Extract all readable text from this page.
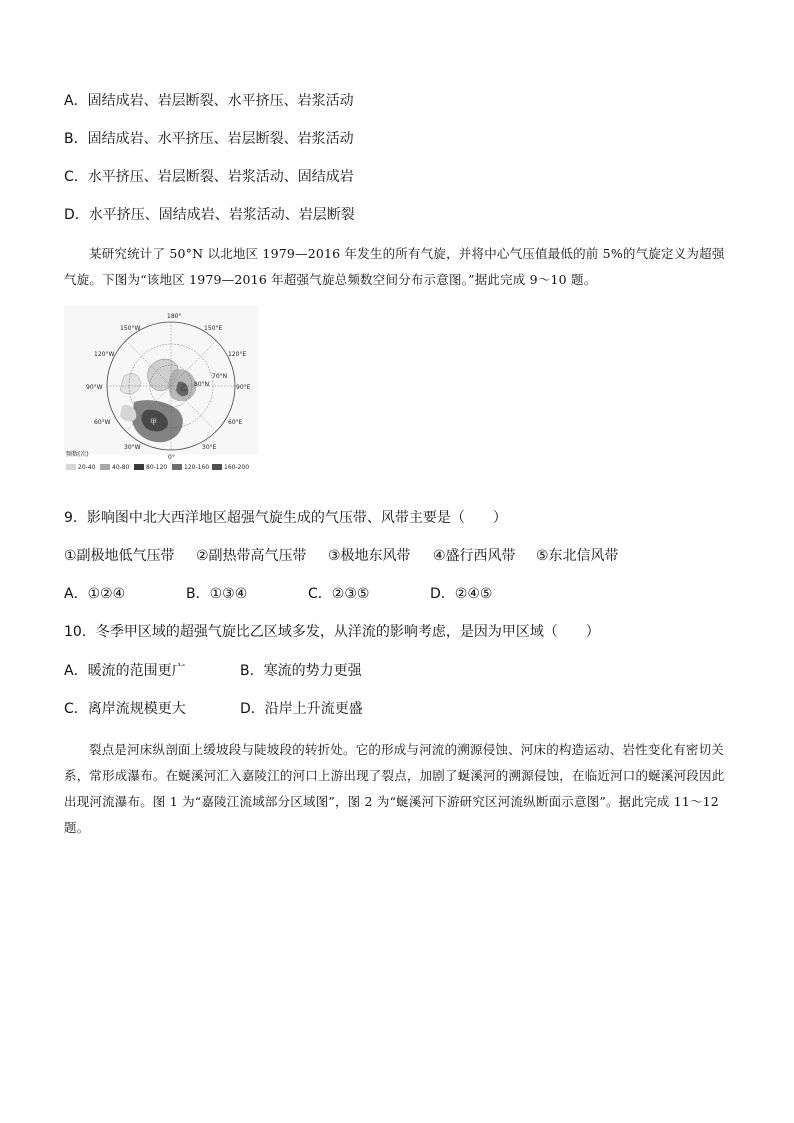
A．固结成岩、岩层断裂、水平挤压、岩浆活动
B．固结成岩、水平挤压、岩层断裂、岩浆活动
C．水平挤压、岩层断裂、岩浆活动、固结成岩
D．水平挤压、固结成岩、岩浆活动、岩层断裂
某研究统计了 50°N 以北地区 1979—2016 年发生的所有气旋，并将中心气压值最低的前 5%的气旋定义为超强气旋。下图为“该地区 1979—2016 年超强气旋总频数空间分布示意图。”据此完成 9～10 题。
180°
150°W	150°E
120°W	120°E
90°W	90°E
60°W	60°E
30°W	30°E
0°
70°N
80°N
甲
乙
频数(次)
20-40	40-80	80-120	120-160 160-200
9．影响图中北大西洋地区超强气旋生成的气压带、风带主要是（　　）
①副极地低气压带 ②副热带高气压带 ③极地东风带 ④盛行西风带 ⑤东北信风带
A．①②④	B．①③④	C．②③⑤	D．②④⑤
10．冬季甲区域的超强气旋比乙区域多发，从洋流的影响考虑，是因为甲区域（　　）
A．暖流的范围更广	B．寒流的势力更强
C．离岸流规模更大	D．沿岸上升流更盛
裂点是河床纵剖面上缓坡段与陡坡段的转折处。它的形成与河流的溯源侵蚀、河床的构造运动、岩性变化有密切关系，常形成瀑布。在蜒溪河汇入嘉陵江的河口上游出现了裂点，加剧了蜒溪河的溯源侵蚀，在临近河口的蜒溪河段因此出现河流瀑布。图 1 为“嘉陵江流域部分区域图”，图 2 为“蜒溪河下游研究区河流纵断面示意图”。据此完成 11～12 题。
